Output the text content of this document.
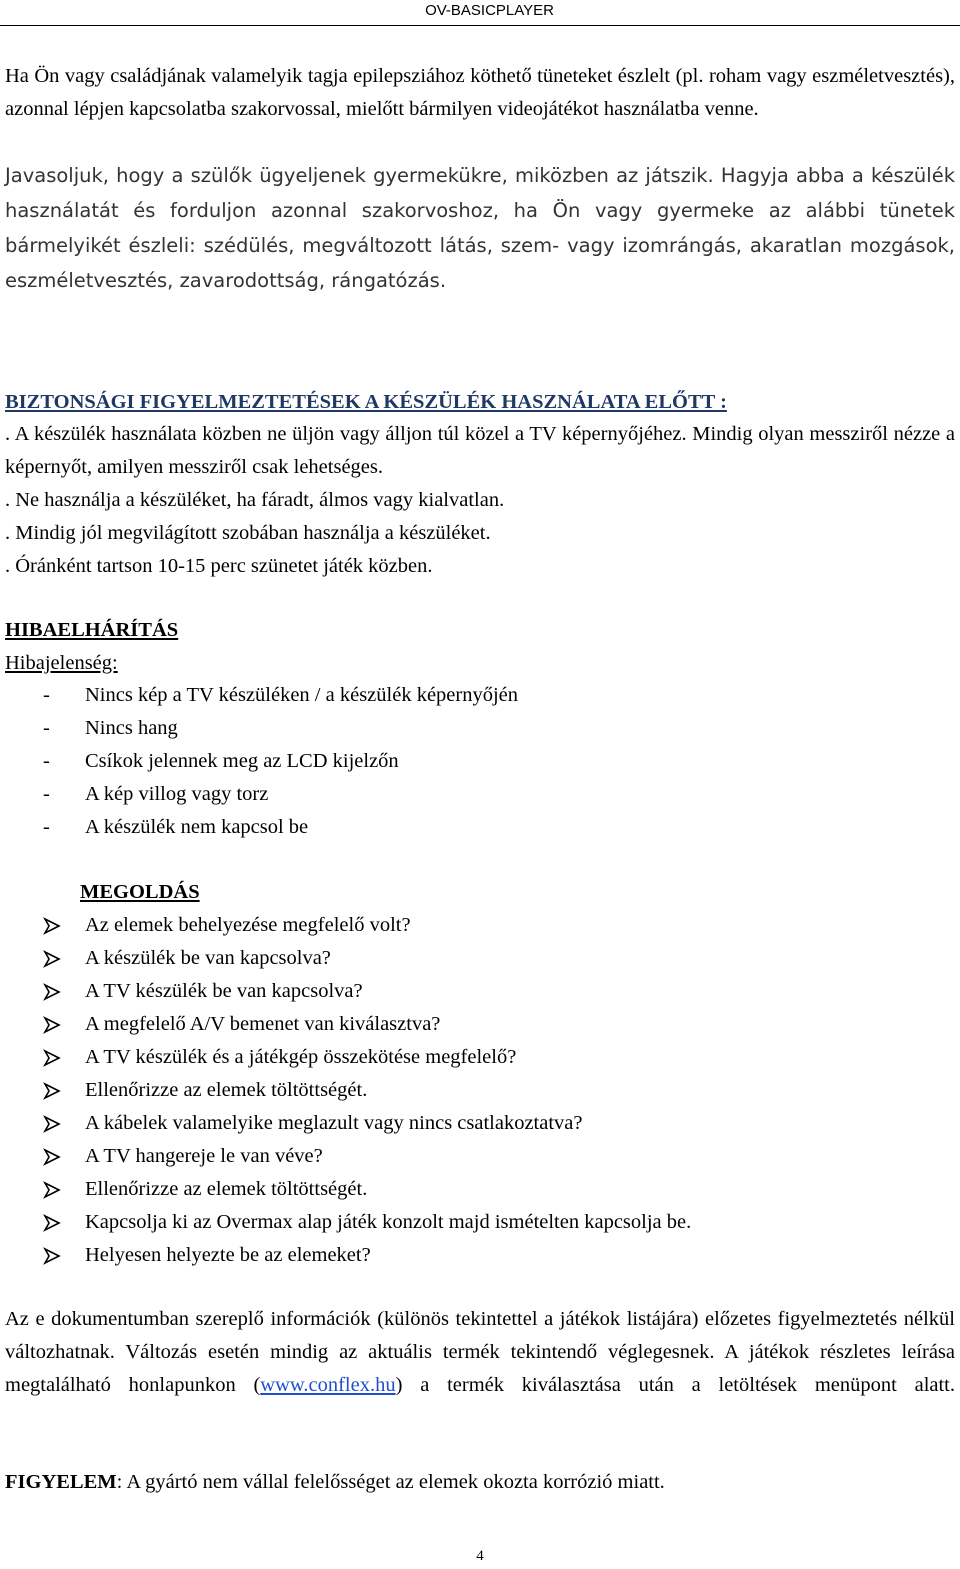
OV-BASICPLAYER
Ha Ön vagy családjának valamelyik tagja epilepsziához köthető tüneteket észlelt (pl. roham vagy eszméletvesztés), azonnal lépjen kapcsolatba szakorvossal, mielőtt bármilyen videojátékot használatba venne.
Javasoljuk, hogy a szülők ügyeljenek gyermekükre, miközben az játszik. Hagyja abba a készülék használatát és forduljon azonnal szakorvoshoz, ha Ön vagy gyermeke az alábbi tünetek bármelyikét észleli: szédülés, megváltozott látás, szem- vagy izomrángás, akaratlan mozgások, eszméletvesztés, zavarodottság, rángatózás.
BIZTONSÁGI FIGYELMEZTETÉSEK A KÉSZÜLÉK HASZNÁLATA ELŐTT :
. A készülék használata közben ne üljön vagy álljon túl közel a TV képernyőjéhez. Mindig olyan messziről nézze a képernyőt, amilyen messziről csak lehetséges.
. Ne használja a készüléket, ha fáradt, álmos vagy kialvatlan.
. Mindig jól megvilágított szobában használja a készüléket.
. Óránként tartson 10-15 perc szünetet játék közben.
HIBAELHÁRÍTÁS
Hibajelenség:
- Nincs kép a TV készüléken / a készülék képernyőjén
- Nincs hang
- Csíkok jelennek meg az LCD kijelzőn
- A kép villog vagy torz
- A készülék nem kapcsol be
MEGOLDÁS
Az elemek behelyezése megfelelő volt?
A készülék be van kapcsolva?
A TV készülék be van kapcsolva?
A megfelelő A/V bemenet van kiválasztva?
A TV készülék és a játékgép összekötése megfelelő?
Ellenőrizze az elemek töltöttségét.
A kábelek valamelyike meglazult vagy nincs csatlakoztatva?
A TV hangereje le van véve?
Ellenőrizze az elemek töltöttségét.
Kapcsolja ki az Overmax alap játék konzolt majd ismételten kapcsolja be.
Helyesen helyezte be az elemeket?
Az e dokumentumban szereplő információk (különös tekintettel a játékok listájára) előzetes figyelmeztetés nélkül változhatnak. Változás esetén mindig az aktuális termék tekintendő véglegesnek. A játékok részletes leírása megtalálható honlapunkon (www.conflex.hu) a termék kiválasztása után a letöltések menüpont alatt.
FIGYELEM: A gyártó nem vállal felelősséget az elemek okozta korrózió miatt.
4
